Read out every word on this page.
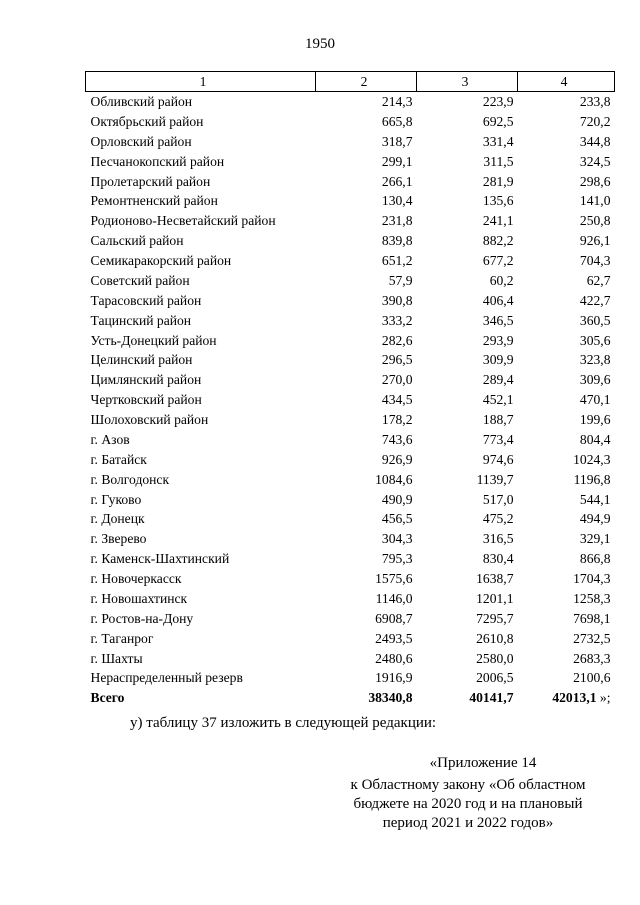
1950
1	2	3	4
Обливский район	214,3	223,9	233,8
Октябрьский район	665,8	692,5	720,2
Орловский район	318,7	331,4	344,8
Песчанокопский район	299,1	311,5	324,5
Пролетарский район	266,1	281,9	298,6
Ремонтненский район	130,4	135,6	141,0
Родионово-Несветайский район	231,8	241,1	250,8
Сальский район	839,8	882,2	926,1
Семикаракорский район	651,2	677,2	704,3
Советский район	57,9	60,2	62,7
Тарасовский район	390,8	406,4	422,7
Тацинский район	333,2	346,5	360,5
Усть-Донецкий район	282,6	293,9	305,6
Целинский район	296,5	309,9	323,8
Цимлянский район	270,0	289,4	309,6
Чертковский район	434,5	452,1	470,1
Шолоховский район	178,2	188,7	199,6
г. Азов	743,6	773,4	804,4
г. Батайск	926,9	974,6	1024,3
г. Волгодонск	1084,6	1139,7	1196,8
г. Гуково	490,9	517,0	544,1
г. Донецк	456,5	475,2	494,9
г. Зверево	304,3	316,5	329,1
г. Каменск-Шахтинский	795,3	830,4	866,8
г. Новочеркасск	1575,6	1638,7	1704,3
г. Новошахтинск	1146,0	1201,1	1258,3
г. Ростов-на-Дону	6908,7	7295,7	7698,1
г. Таганрог	2493,5	2610,8	2732,5
г. Шахты	2480,6	2580,0	2683,3
Нераспределенный резерв	1916,9	2006,5	2100,6
Всего	38340,8	40141,7	42013,1 »;
у) таблицу 37 изложить в следующей редакции:
«Приложение 14
к Областному закону «Об областном
бюджете на 2020 год и на плановый
период 2021 и 2022 годов»
